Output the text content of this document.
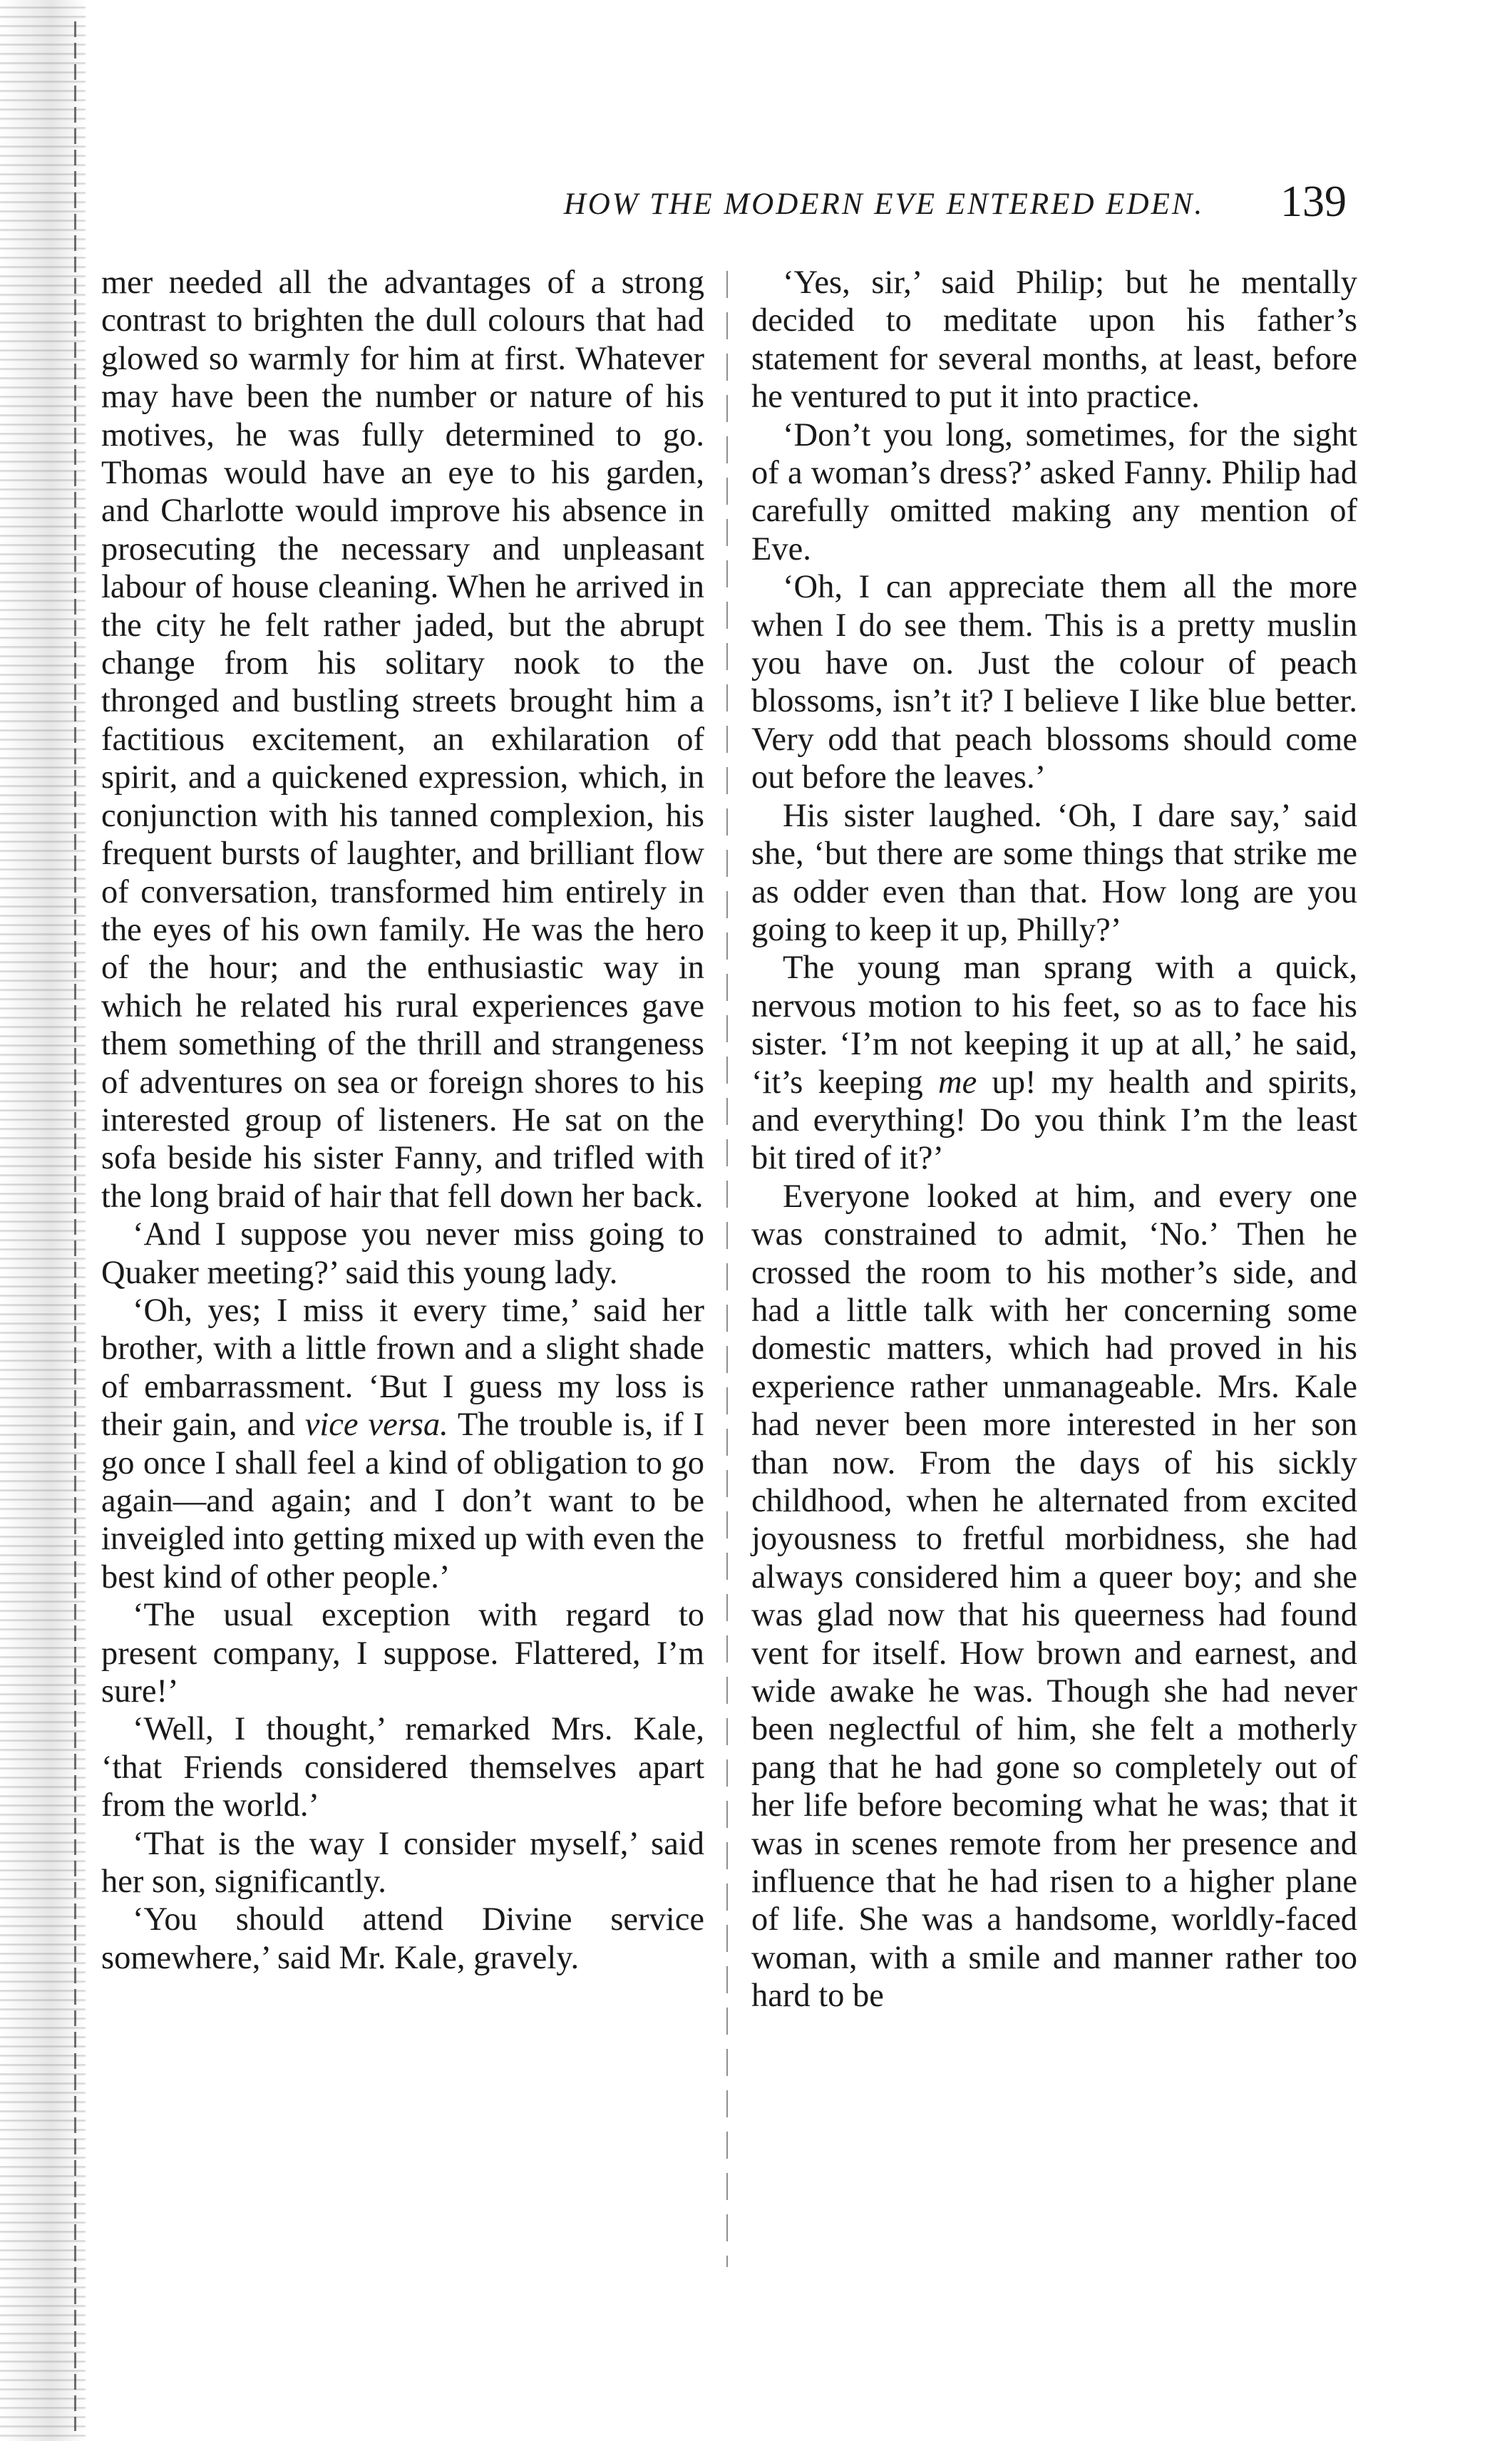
HOW THE MODERN EVE ENTERED EDEN.	139

mer needed all the advantages of a strong contrast to brighten the dull colours that had glowed so warmly for him at first. Whatever may have been the number or nature of his motives, he was fully determined to go. Thomas would have an eye to his garden, and Charlotte would improve his absence in prosecuting the necessary and unpleasant labour of house cleaning. When he arrived in the city he felt rather jaded, but the abrupt change from his solitary nook to the thronged and bustling streets brought him a factitious excitement, an exhilaration of spirit, and a quickened expression, which, in conjunction with his tanned complexion, his frequent bursts of laughter, and brilliant flow of conversation, transformed him entirely in the eyes of his own family. He was the hero of the hour; and the enthusiastic way in which he related his rural experiences gave them something of the thrill and strangeness of adventures on sea or foreign shores to his interested group of listeners. He sat on the sofa beside his sister Fanny, and trifled with the long braid of hair that fell down her back.

‘And I suppose you never miss going to Quaker meeting?’ said this young lady.

‘Oh, yes; I miss it every time,’ said her brother, with a little frown and a slight shade of embarrassment. ‘But I guess my loss is their gain, and vice versa. The trouble is, if I go once I shall feel a kind of obligation to go again—and again; and I don’t want to be inveigled into getting mixed up with even the best kind of other people.’

‘The usual exception with regard to present company, I suppose. Flattered, I’m sure!’

‘Well, I thought,’ remarked Mrs. Kale, ‘that Friends considered themselves apart from the world.’

‘That is the way I consider myself,’ said her son, significantly.

‘You should attend Divine service somewhere,’ said Mr. Kale, gravely.

‘Yes, sir,’ said Philip; but he mentally decided to meditate upon his father’s statement for several months, at least, before he ventured to put it into practice.

‘Don’t you long, sometimes, for the sight of a woman’s dress?’ asked Fanny. Philip had carefully omitted making any mention of Eve.

‘Oh, I can appreciate them all the more when I do see them. This is a pretty muslin you have on. Just the colour of peach blossoms, isn’t it? I believe I like blue better. Very odd that peach blossoms should come out before the leaves.’

His sister laughed. ‘Oh, I dare say,’ said she, ‘but there are some things that strike me as odder even than that. How long are you going to keep it up, Philly?’

The young man sprang with a quick, nervous motion to his feet, so as to face his sister. ‘I’m not keeping it up at all,’ he said, ‘it’s keeping me up! my health and spirits, and everything! Do you think I’m the least bit tired of it?’

Everyone looked at him, and every one was constrained to admit, ‘No.’ Then he crossed the room to his mother’s side, and had a little talk with her concerning some domestic matters, which had proved in his experience rather unmanageable. Mrs. Kale had never been more interested in her son than now. From the days of his sickly childhood, when he alternated from excited joyousness to fretful morbidness, she had always considered him a queer boy; and she was glad now that his queerness had found vent for itself. How brown and earnest, and wide awake he was. Though she had never been neglectful of him, she felt a motherly pang that he had gone so completely out of her life before becoming what he was; that it was in scenes remote from her presence and influence that he had risen to a higher plane of life. She was a handsome, worldly-faced woman, with a smile and manner rather too hard to be
